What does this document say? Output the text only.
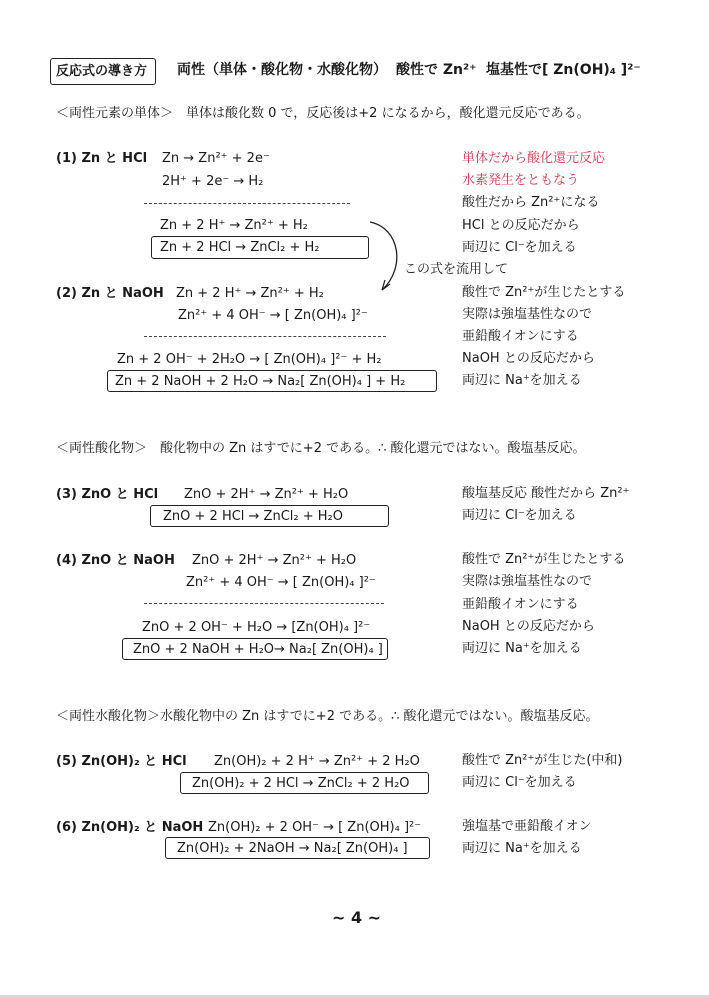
反応式の導き方 両性（単体・酸化物・水酸化物） 酸性で Zn²⁺ 塩基性で[ Zn(OH)₄ ]²⁻
＜両性元素の単体＞　単体は酸化数 0 で，反応後は+2 になるから，酸化還元反応である。
(1) Zn と HCl Zn → Zn²⁺ + 2e⁻
2H⁺ + 2e⁻ → H₂
Zn + 2 H⁺ → Zn²⁺ + H₂
Zn + 2 HCl → ZnCl₂ + H₂
単体だから酸化還元反応
水素発生をともなう
酸性だから Zn²⁺になる
HCl との反応だから
両辺に Cl⁻を加える
この式を流用して
(2) Zn と NaOH Zn + 2 H⁺ → Zn²⁺ + H₂
Zn²⁺ + 4 OH⁻ → [ Zn(OH)₄ ]²⁻
Zn + 2 OH⁻ + 2H₂O → [ Zn(OH)₄ ]²⁻ + H₂
Zn + 2 NaOH + 2 H₂O → Na₂[ Zn(OH)₄ ] + H₂
酸性で Zn²⁺が生じたとする
実際は強塩基性なので
亜鉛酸イオンにする
NaOH との反応だから
両辺に Na⁺を加える
＜両性酸化物＞　酸化物中の Zn はすでに+2 である。∴ 酸化還元ではない。酸塩基反応。
(3) ZnO と HCl ZnO + 2H⁺ → Zn²⁺ + H₂O
ZnO + 2 HCl → ZnCl₂ + H₂O
酸塩基反応 酸性だから Zn²⁺
両辺に Cl⁻を加える
(4) ZnO と NaOH ZnO + 2H⁺ → Zn²⁺ + H₂O
Zn²⁺ + 4 OH⁻ → [ Zn(OH)₄ ]²⁻
ZnO + 2 OH⁻ + H₂O → [Zn(OH)₄ ]²⁻
ZnO + 2 NaOH + H₂O→ Na₂[ Zn(OH)₄ ]
酸性で Zn²⁺が生じたとする
実際は強塩基性なので
亜鉛酸イオンにする
NaOH との反応だから
両辺に Na⁺を加える
＜両性水酸化物＞水酸化物中の Zn はすでに+2 である。∴ 酸化還元ではない。酸塩基反応。
(5) Zn(OH)₂ と HCl Zn(OH)₂ + 2 H⁺ → Zn²⁺ + 2 H₂O
Zn(OH)₂ + 2 HCl → ZnCl₂ + 2 H₂O
酸性で Zn²⁺が生じた(中和)
両辺に Cl⁻を加える
(6) Zn(OH)₂ と NaOH Zn(OH)₂ + 2 OH⁻ → [ Zn(OH)₄ ]²⁻
Zn(OH)₂ + 2NaOH → Na₂[ Zn(OH)₄ ]
強塩基で亜鉛酸イオン
両辺に Na⁺を加える
~ 4 ~
